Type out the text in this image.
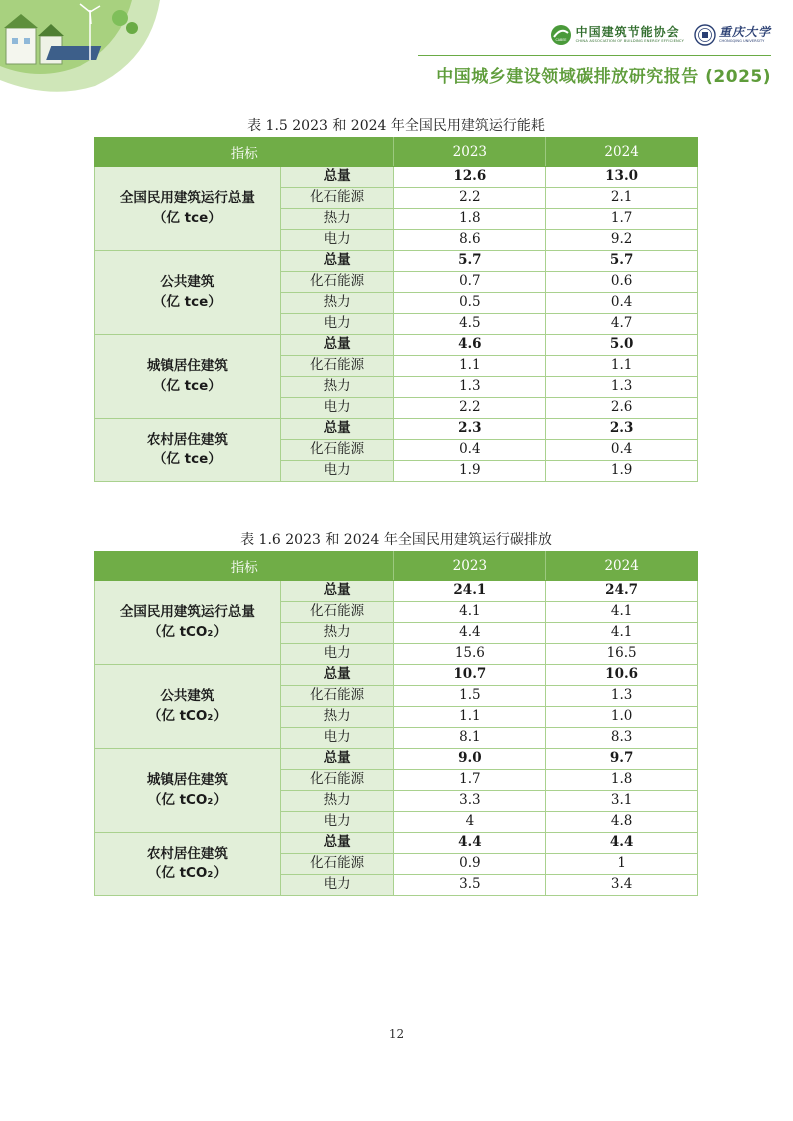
CABEE
中国建筑节能协会
CHINA ASSOCIATION OF BUILDING ENERGY EFFICIENCY
重庆大学
CHONGQING UNIVERSITY
中国城乡建设领域碳排放研究报告 (2025)
表 1.5 2023 和 2024 年全国民用建筑运行能耗
指标		2023	2024
全国民用建筑运行总量
（亿 tce）	总量	12.6	13.0
	化石能源	2.2	2.1
	热力	1.8	1.7
	电力	8.6	9.2
公共建筑
（亿 tce）	总量	5.7	5.7
	化石能源	0.7	0.6
	热力	0.5	0.4
	电力	4.5	4.7
城镇居住建筑
（亿 tce）	总量	4.6	5.0
	化石能源	1.1	1.1
	热力	1.3	1.3
	电力	2.2	2.6
农村居住建筑
（亿 tce）	总量	2.3	2.3
	化石能源	0.4	0.4
	电力	1.9	1.9
表 1.6 2023 和 2024 年全国民用建筑运行碳排放
指标		2023	2024
全国民用建筑运行总量
（亿 tCO₂）	总量	24.1	24.7
	化石能源	4.1	4.1
	热力	4.4	4.1
	电力	15.6	16.5
公共建筑
（亿 tCO₂）	总量	10.7	10.6
	化石能源	1.5	1.3
	热力	1.1	1.0
	电力	8.1	8.3
城镇居住建筑
（亿 tCO₂）	总量	9.0	9.7
	化石能源	1.7	1.8
	热力	3.3	3.1
	电力	4	4.8
农村居住建筑
（亿 tCO₂）	总量	4.4	4.4
	化石能源	0.9	1
	电力	3.5	3.4
12
